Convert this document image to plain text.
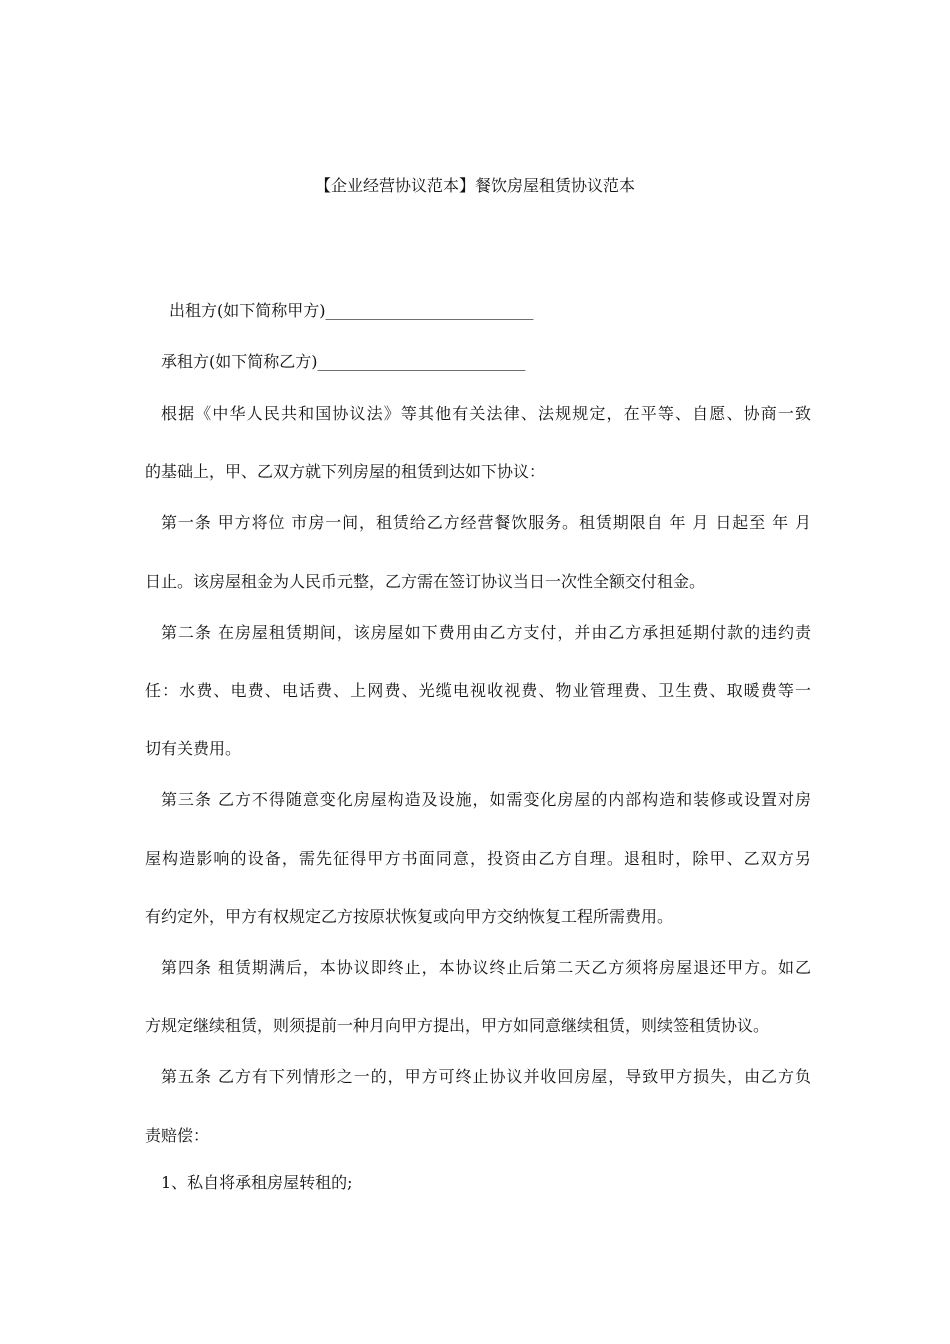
【企业经营协议范本】餐饮房屋租赁协议范本
出租方(如下简称甲方)__________________________
承租方(如下简称乙方)__________________________
根据《中华人民共和国协议法》等其他有关法律、法规规定，在平等、自愿、协商一致
的基础上，甲、乙双方就下列房屋的租赁到达如下协议：
第一条 甲方将位 市房一间，租赁给乙方经营餐饮服务。租赁期限自 年 月 日起至 年 月
日止。该房屋租金为人民币元整，乙方需在签订协议当日一次性全额交付租金。
第二条 在房屋租赁期间，该房屋如下费用由乙方支付，并由乙方承担延期付款的违约责
任：水费、电费、电话费、上网费、光缆电视收视费、物业管理费、卫生费、取暖费等一
切有关费用。
第三条 乙方不得随意变化房屋构造及设施，如需变化房屋的内部构造和装修或设置对房
屋构造影响的设备，需先征得甲方书面同意，投资由乙方自理。退租时，除甲、乙双方另
有约定外，甲方有权规定乙方按原状恢复或向甲方交纳恢复工程所需费用。
第四条 租赁期满后，本协议即终止，本协议终止后第二天乙方须将房屋退还甲方。如乙
方规定继续租赁，则须提前一种月向甲方提出，甲方如同意继续租赁，则续签租赁协议。
第五条 乙方有下列情形之一的，甲方可终止协议并收回房屋，导致甲方损失，由乙方负
责赔偿：
1、私自将承租房屋转租的;
